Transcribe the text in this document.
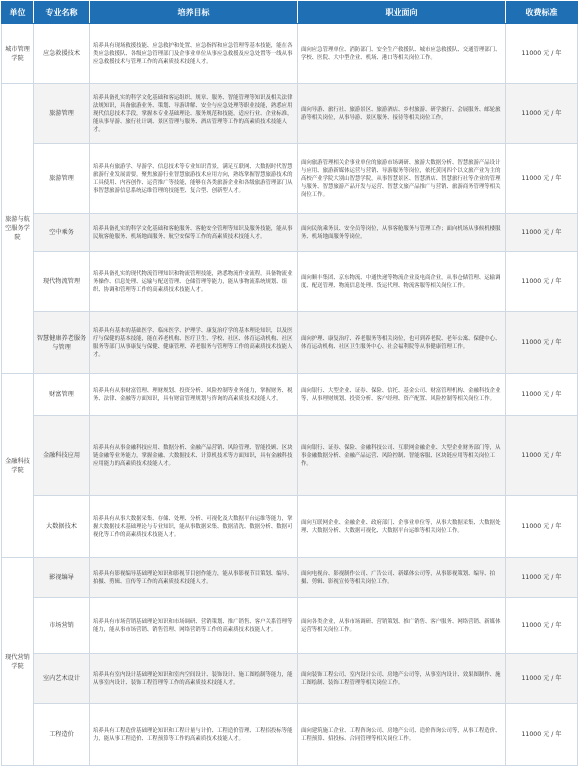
单位	专业名称	培养目标	职业面向	收费标准
城市管理学院	应急救援技术	培养具有现场救援技能、应急救护和处置、应急指挥和应急管理等基本技能，能在各类应急救援队、各级应急管理部门及企事业单位从事应急救援及应急处置等一线从事应急救援技术与管理工作的高素质技术技能人才。	面向应急管理单位、消防部门、安全生产救援队、城市应急救援队、交通管理部门、学校、医院、大中型企业、机场、港口等相关岗位工作。	11000 元 / 年
旅游与航空服务学院	旅游管理	培养具备扎实的科学文化基础和客运组织、规章、服务、智能管理等知识及相关法律法规知识，具备旅游业务、策划、导游讲解、安全与应急处理等职业技能，熟悉应用现代信息技术手段，掌握本专业基础理论、服务规范和技能，适应行业、企业标准，能从事导游、旅行社计调、景区管理与服务、酒店管理等工作的高素质技术技能人才。	面向导游、旅行社、旅游景区、旅游酒店、乡村旅游、研学旅行、会展服务、邮轮旅游等相关岗位，从事导游、景区服务、接待等相关岗位工作。	11000 元 / 年
	旅游管理	培养具有旅游学、导游学、信息技术等专业知识背景，满足互联网、大数据时代智慧旅游行业发展需要，聚焦旅游行业智慧旅游技术应用方向，熟练掌握智慧旅游技术的工具使用、内容创作、运营推广等技能，能够在各类旅游企业和各级旅游管理部门从事智慧旅游信息系统运维管理的技能型、复合型、创新型人才。	面向旅游管理相关企事业单位的旅游市场调研、旅游大数据分析、智慧旅游产品设计与应用、旅游新媒体运营与营销、导游服务等岗位，依托黄冈四个以文旅产业为主的高校产业学院大别山智慧学院，从事智慧景区、智慧酒店、智慧旅行社等企业的管理与服务、智慧旅游产品开发与运营、智慧文旅产品推广与营销、旅游商务管理等相关岗位工作。	11000 元 / 年
	空中乘务	培养具备扎实的科学文化基础和客舱服务、客舱安全管理等知识及服务技能，能从事民航客舱服务、机场地面服务、航空安保等工作的高素质技术技能人才。	面向民航乘务员、安全员等岗位，从事客舱服务与管理工作；面向机场从事候机楼服务、机场地面服务等岗位。	11000 元 / 年
	现代物流管理	培养具备扎实的现代物流管理知识和物流管理技能，熟悉物流作业流程，具备物流业务操作、信息处理、运输与配送管理、仓储管理等能力，能从事物流系统规划、组织、协调和管理等工作的高素质技术技能人才。	面向顺丰集团、京东物流、中通快递等物流企业及电商企业，从事仓储管理、运输调度、配送管理、物流信息处理、货运代理、物流客服等相关岗位工作。	11000 元 / 年
	智慧健康养老服务与管理	培养具有基本的基础医学、临床医学、护理学、康复治疗学的基本理论知识，以及医疗与保健的基本技能，能在养老机构、医疗卫生、学校、社区、体育运动机构、社区服务等部门从事康复与保健、健康管理、养老服务与管理等工作的高素质技术技能人才。	面向护理、康复治疗、养老服务等相关岗位，也可到养老院、老年公寓、保健中心、体育运动机构、社区卫生服务中心、社会福利院等从事健康管理工作。	11000 元 / 年
金融科技学院	财富管理	培养具有从事财富管理、理财规划、投资分析、风险控制等业务能力，掌握财务、税务、法律、金融等方面知识，具有财富管理规划与咨询的高素质技术技能人才。	面向银行、大型企业、证券、保险、信托、基金公司、财富管理机构、金融科技企业等，从事理财规划、投资分析、客户经理、资产配置、风险控制等相关岗位工作。	11000 元 / 年
	金融科技应用	培养具有从事金融科技应用、数据分析、金融产品营销、风险管理、智能投顾、区块链金融等业务能力，掌握金融、大数据技术、计算机技术等方面知识，具有金融科技应用能力的高素质技术技能人才。	面向银行、证券、保险、金融科技公司、互联网金融企业、大型企业财务部门等，从事金融数据分析、金融产品运营、风险控制、智能客服、区块链应用等相关岗位工作。	11000 元 / 年
	大数据技术	培养具有从事大数据采集、存储、处理、分析、可视化及大数据平台运维等能力，掌握大数据技术基础理论与专业知识，能从事数据采集、数据清洗、数据分析、数据可视化等工作的高素质技术技能人才。	面向互联网企业、金融企业、政府部门、企事业单位等，从事大数据采集、大数据处理、大数据分析、大数据可视化、大数据平台运维等相关岗位工作。	11000 元 / 年
现代营销学院	影视编导	培养具有影视编导基础理论知识和影视节目创作能力，能从事影视节目策划、编导、拍摄、剪辑、宣传等工作的高素质技术技能人才。	面向电视台、影视制作公司、广告公司、新媒体公司等，从事影视策划、编导、拍摄、剪辑、影视宣传等相关岗位工作。	11000 元 / 年
	市场营销	培养具有市场营销基础理论知识和市场调研、营销策划、推广销售、客户关系管理等能力，能从事市场营销、销售管理、网络营销等工作的高素质技术技能人才。	面向各类企业，从事市场调研、营销策划、推广销售、客户服务、网络营销、新媒体运营等相关岗位工作。	11000 元 / 年
	室内艺术设计	培养具有室内设计基础理论知识和室内空间设计、装饰设计、施工图绘制等能力，能从事室内设计、装饰工程管理等工作的高素质技术技能人才。	面向装饰工程公司、室内设计公司、房地产公司等，从事室内设计、效果图制作、施工图绘制、装饰工程管理等相关岗位工作。	11000 元 / 年
	工程造价	培养具有工程造价基础理论知识和工程计量与计价、工程造价管理、工程招投标等能力，能从事工程造价、工程预算等工作的高素质技术技能人才。	面向建筑施工企业、工程咨询公司、房地产公司、造价咨询公司等，从事工程造价、工程预算、招投标、合同管理等相关岗位工作。	11000 元 / 年
